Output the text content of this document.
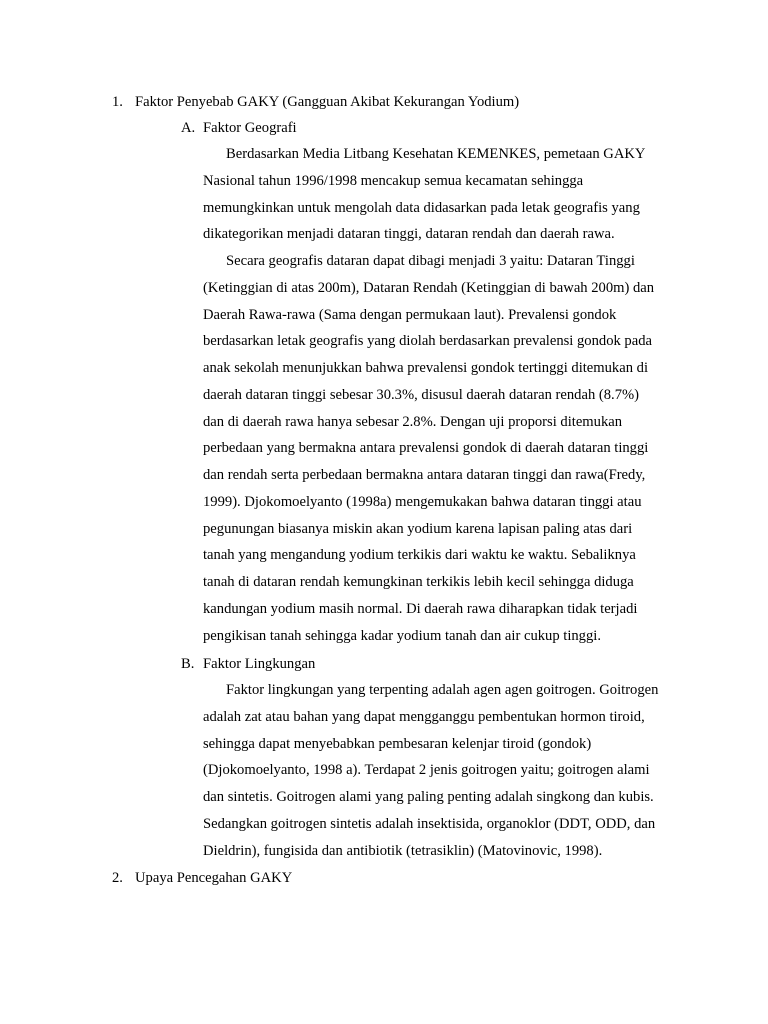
1. Faktor Penyebab GAKY (Gangguan Akibat Kekurangan Yodium)
A. Faktor Geografi
Berdasarkan Media Litbang Kesehatan KEMENKES, pemetaan GAKY
Nasional tahun 1996/1998 mencakup semua kecamatan sehingga
memungkinkan untuk mengolah data didasarkan pada letak geografis yang
dikategorikan menjadi dataran tinggi, dataran rendah dan daerah rawa.
Secara geografis dataran dapat dibagi menjadi 3 yaitu: Dataran Tinggi
(Ketinggian di atas 200m), Dataran Rendah (Ketinggian di bawah 200m) dan
Daerah Rawa-rawa (Sama dengan permukaan laut). Prevalensi gondok
berdasarkan letak geografis yang diolah berdasarkan prevalensi gondok pada
anak sekolah menunjukkan bahwa prevalensi gondok tertinggi ditemukan di
daerah dataran tinggi sebesar 30.3%, disusul daerah dataran rendah (8.7%)
dan di daerah rawa hanya sebesar 2.8%. Dengan uji proporsi ditemukan
perbedaan yang bermakna antara prevalensi gondok di daerah dataran tinggi
dan rendah serta perbedaan bermakna antara dataran tinggi dan rawa(Fredy,
1999). Djokomoelyanto (1998a) mengemukakan bahwa dataran tinggi atau
pegunungan biasanya miskin akan yodium karena lapisan paling atas dari
tanah yang mengandung yodium terkikis dari waktu ke waktu. Sebaliknya
tanah di dataran rendah kemungkinan terkikis lebih kecil sehingga diduga
kandungan yodium masih normal. Di daerah rawa diharapkan tidak terjadi
pengikisan tanah sehingga kadar yodium tanah dan air cukup tinggi.
B. Faktor Lingkungan
Faktor lingkungan yang terpenting adalah agen agen goitrogen. Goitrogen
adalah zat atau bahan yang dapat mengganggu pembentukan hormon tiroid,
sehingga dapat menyebabkan pembesaran kelenjar tiroid (gondok)
(Djokomoelyanto, 1998 a). Terdapat 2 jenis goitrogen yaitu; goitrogen alami
dan sintetis. Goitrogen alami yang paling penting adalah singkong dan kubis.
Sedangkan goitrogen sintetis adalah insektisida, organoklor (DDT, ODD, dan
Dieldrin), fungisida dan antibiotik (tetrasiklin) (Matovinovic, 1998).
2. Upaya Pencegahan GAKY
